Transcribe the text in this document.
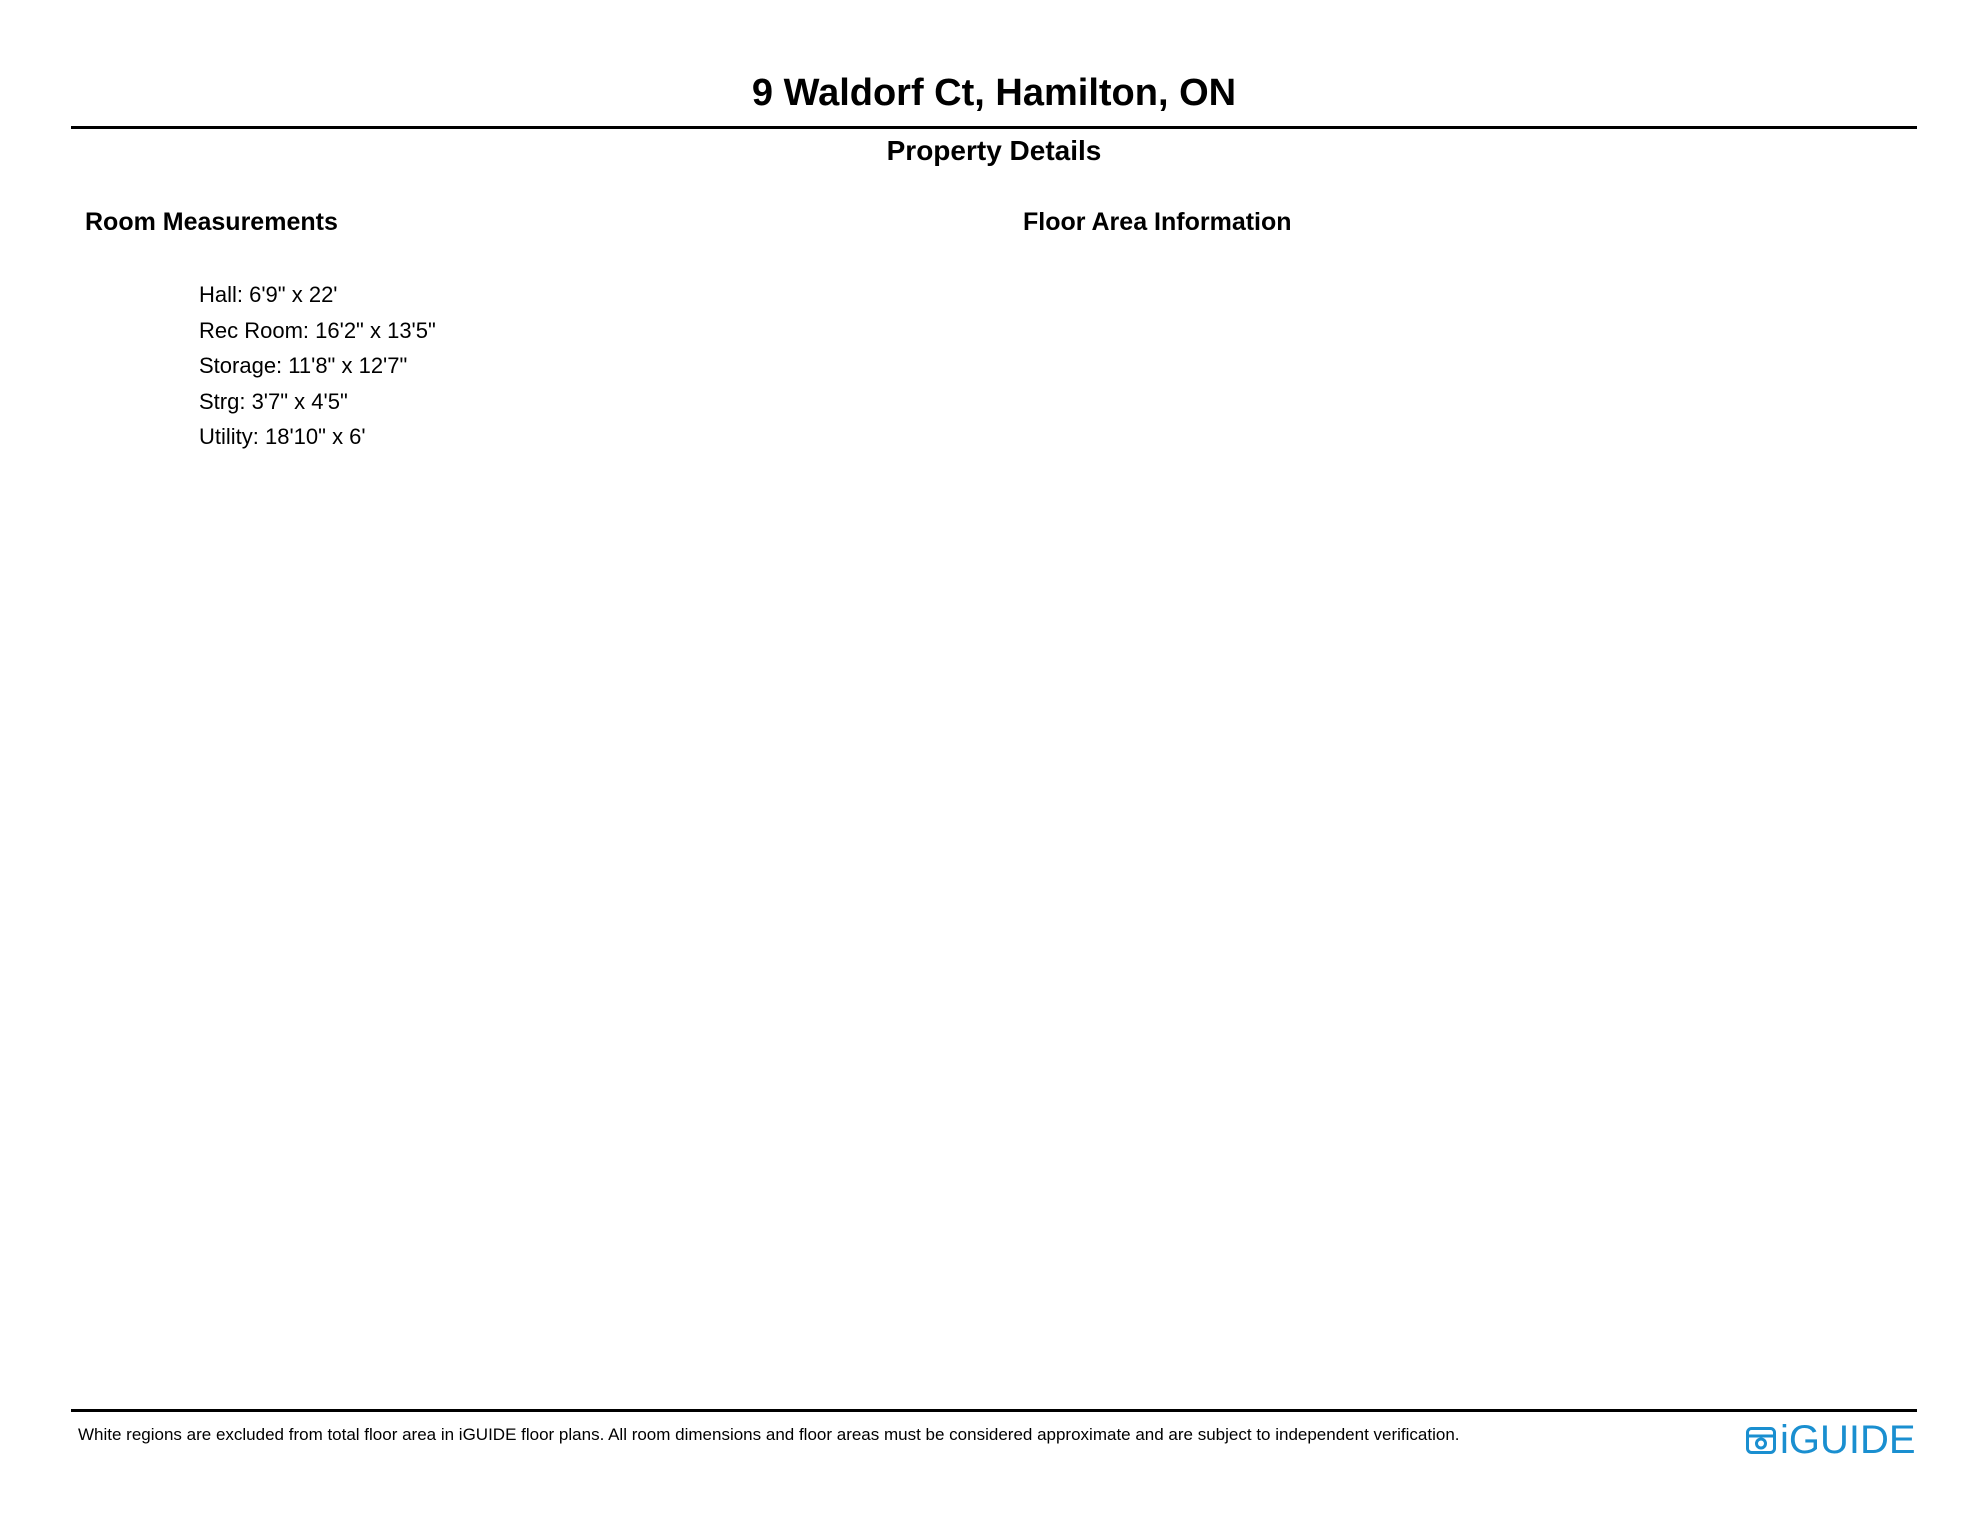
9 Waldorf Ct, Hamilton, ON
Property Details
Room Measurements	Floor Area Information
Hall: 6'9" x 22'
Rec Room: 16'2" x 13'5"
Storage: 11'8" x 12'7"
Strg: 3'7" x 4'5"
Utility: 18'10" x 6'
White regions are excluded from total floor area in iGUIDE floor plans. All room dimensions and floor areas must be considered approximate and are subject to independent verification.	iGUIDE
